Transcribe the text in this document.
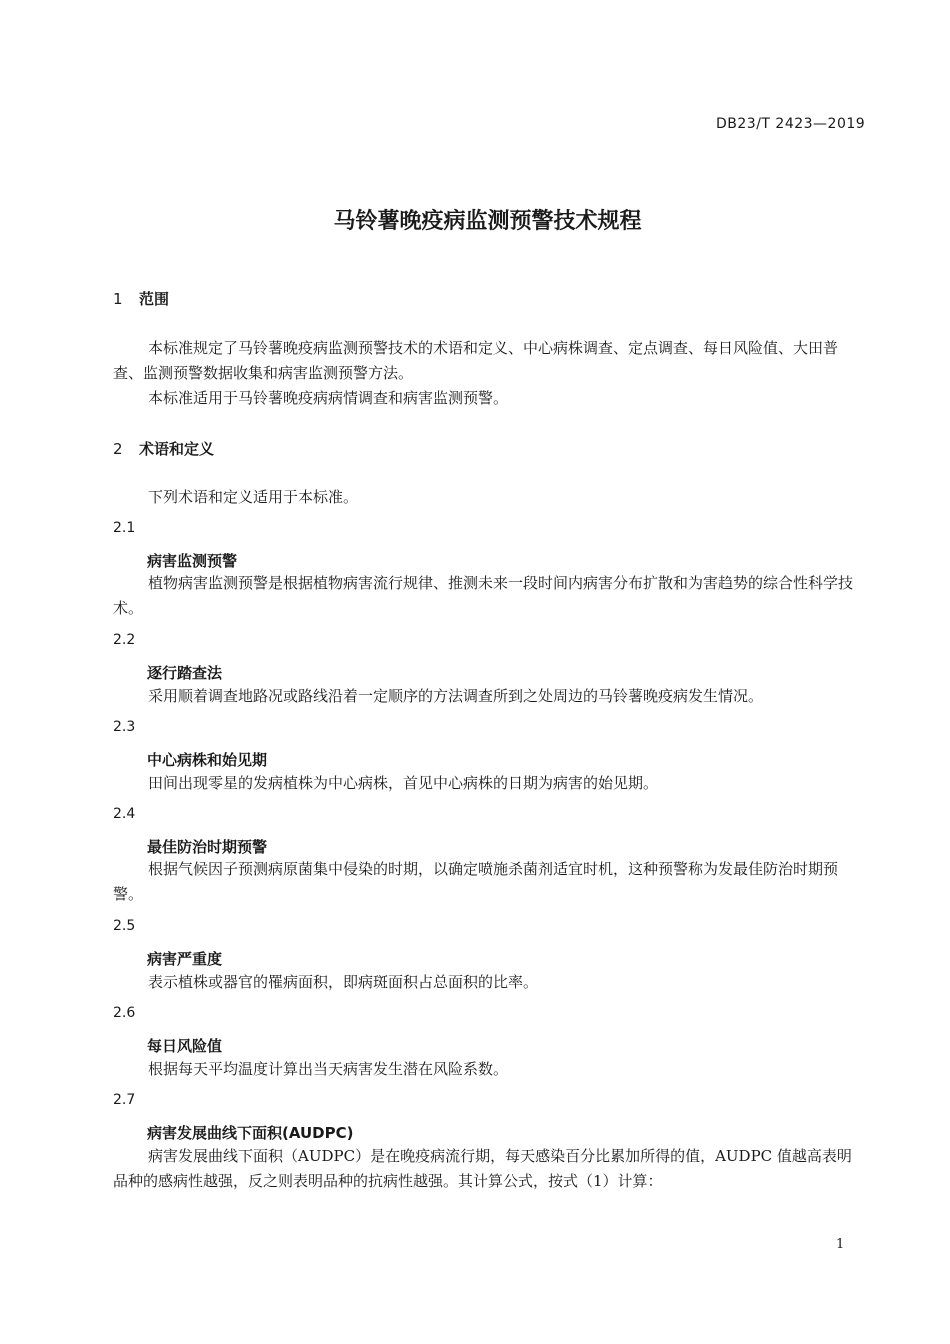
DB23/T 2423—2019
马铃薯晚疫病监测预警技术规程
1 范围
本标准规定了马铃薯晚疫病监测预警技术的术语和定义、中心病株调查、定点调查、每日风险值、大田普查、监测预警数据收集和病害监测预警方法。
本标准适用于马铃薯晚疫病病情调查和病害监测预警。
2 术语和定义
下列术语和定义适用于本标准。
2.1
病害监测预警
植物病害监测预警是根据植物病害流行规律、推测未来一段时间内病害分布扩散和为害趋势的综合性科学技术。
2.2
逐行踏查法
采用顺着调查地路况或路线沿着一定顺序的方法调查所到之处周边的马铃薯晚疫病发生情况。
2.3
中心病株和始见期
田间出现零星的发病植株为中心病株，首见中心病株的日期为病害的始见期。
2.4
最佳防治时期预警
根据气候因子预测病原菌集中侵染的时期，以确定喷施杀菌剂适宜时机，这种预警称为发最佳防治时期预警。
2.5
病害严重度
表示植株或器官的罹病面积，即病斑面积占总面积的比率。
2.6
每日风险值
根据每天平均温度计算出当天病害发生潜在风险系数。
2.7
病害发展曲线下面积(AUDPC)
病害发展曲线下面积（AUDPC）是在晚疫病流行期，每天感染百分比累加所得的值，AUDPC 值越高表明品种的感病性越强，反之则表明品种的抗病性越强。其计算公式，按式（1）计算：
1
